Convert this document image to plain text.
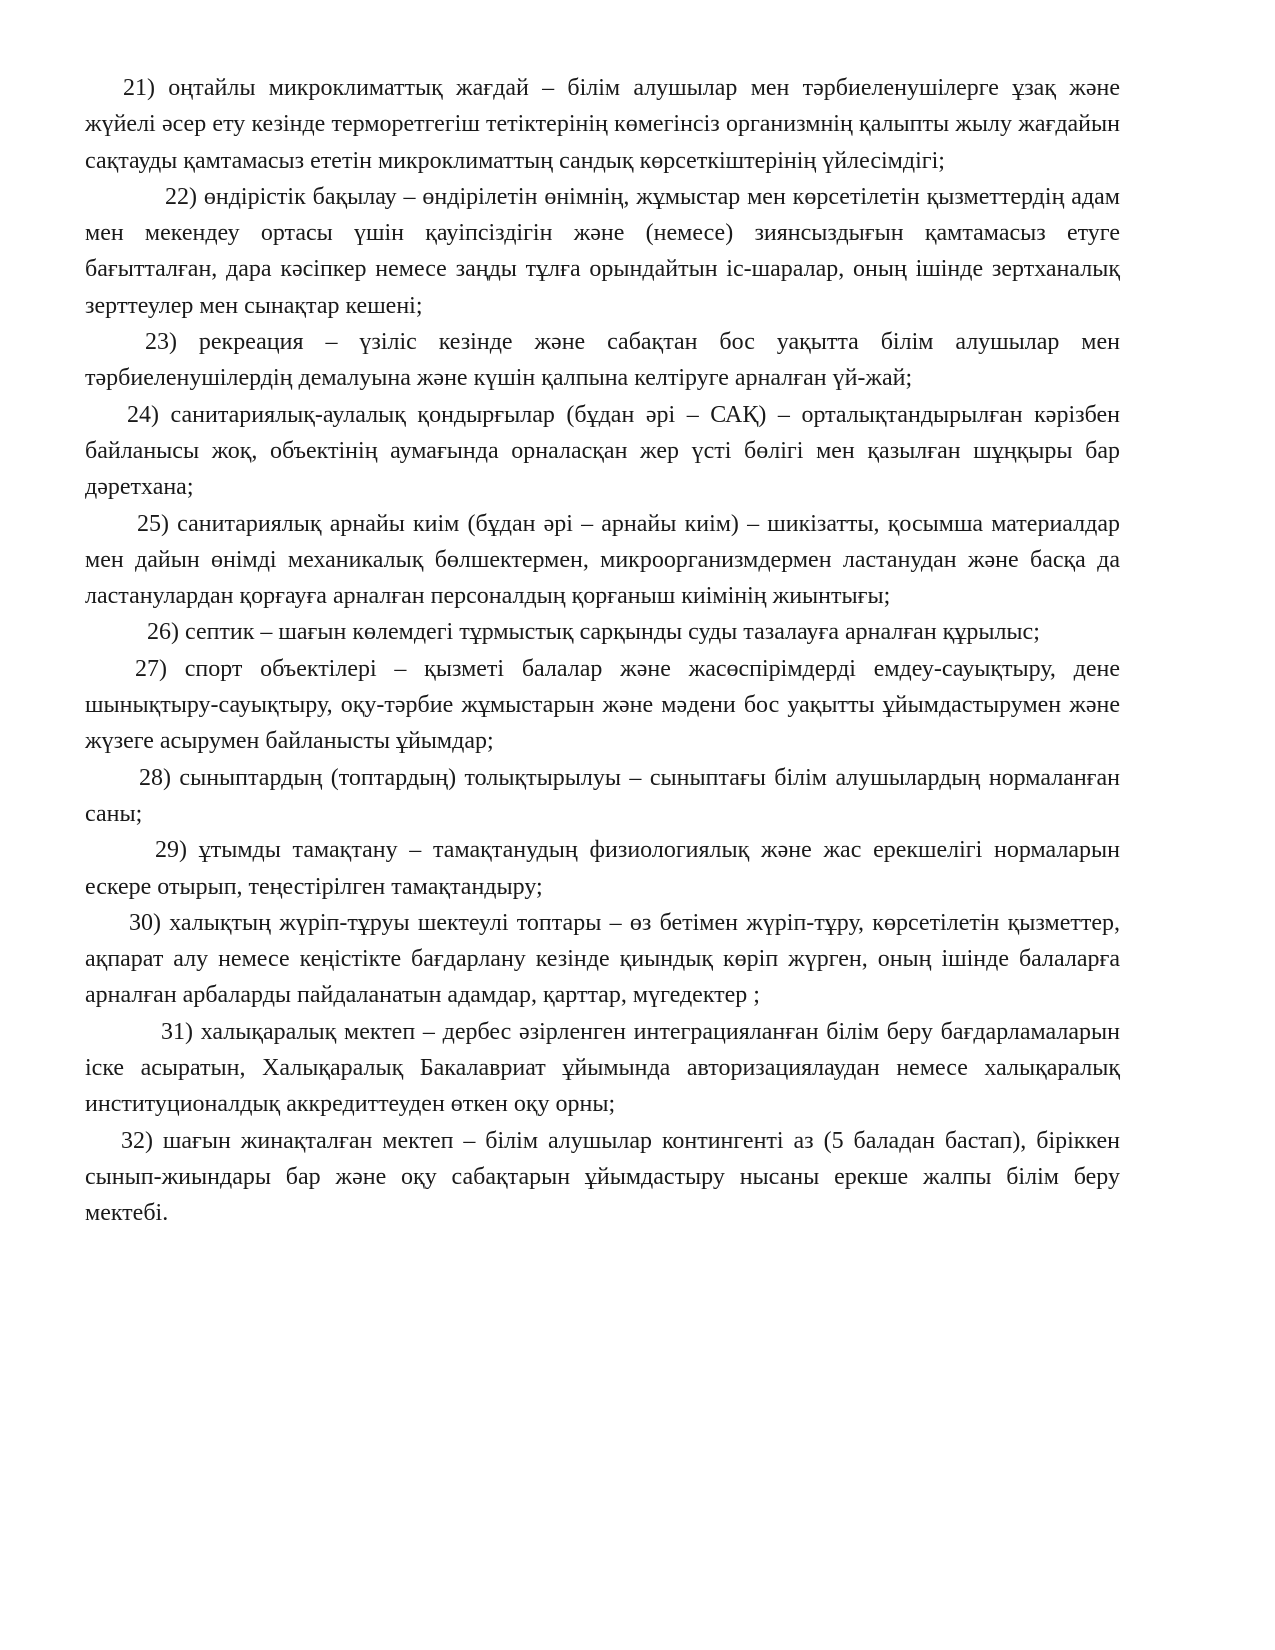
21) оңтайлы микроклиматтық жағдай – білім алушылар мен тәрбиеленушілерге ұзақ және жүйелі әсер ету кезінде терморетгегіш тетіктерінің көмегінсіз организмнің қалыпты жылу жағдайын сақтауды қамтамасыз ететін микроклиматтың сандық көрсеткіштерінің үйлесімдігі;

22) өндірістік бақылау – өндірілетін өнімнің, жұмыстар мен көрсетілетін қызметтердің адам мен мекендеу ортасы үшін қауіпсіздігін және (немесе) зиянсыздығын қамтамасыз етуге бағытталған, дара кәсіпкер немесе заңды тұлға орындайтын іс-шаралар, оның ішінде зертханалық зерттеулер мен сынақтар кешені;

23) рекреация – үзіліс кезінде және сабақтан бос уақытта білім алушылар мен тәрбиеленушілердің демалуына және күшін қалпына келтіруге арналған үй-жай;

24) санитариялық-аулалық қондырғылар (бұдан әрі – САҚ) – орталықтандырылған кәрізбен байланысы жоқ, объектінің аумағында орналасқан жер үсті бөлігі мен қазылған шұңқыры бар дәретхана;

25) санитариялық арнайы киім (бұдан әрі – арнайы киім) – шикізатты, қосымша материалдар мен дайын өнімді механикалық бөлшектермен, микроорганизмдермен ластанудан және басқа да ластанулардан қорғауға арналған персоналдың қорғаныш киімінің жиынтығы;

26) септик – шағын көлемдегі тұрмыстық сарқынды суды тазалауға арналған құрылыс;

27) спорт объектілері – қызметі балалар және жасөспірімдерді емдеу-сауықтыру, дене шынықтыру-сауықтыру, оқу-тәрбие жұмыстарын және мәдени бос уақытты ұйымдастырумен және жүзеге асырумен байланысты ұйымдар;

28) сыныптардың (топтардың) толықтырылуы – сыныптағы білім алушылардың нормаланған саны;

29) ұтымды тамақтану – тамақтанудың физиологиялық және жас ерекшелігі нормаларын ескере отырып, теңестірілген тамақтандыру;

30) халықтың жүріп-тұруы шектеулі топтары – өз бетімен жүріп-тұру, көрсетілетін қызметтер, ақпарат алу немесе кеңістікте бағдарлану кезінде қиындық көріп жүрген, оның ішінде балаларға арналған арбаларды пайдаланатын адамдар, қарттар, мүгедектер ;

31) халықаралық мектеп – дербес әзірленген интеграцияланған білім беру бағдарламаларын іске асыратын, Халықаралық Бакалавриат ұйымында авторизациялаудан немесе халықаралық институционалдық аккредиттеуден өткен оқу орны;

32) шағын жинақталған мектеп – білім алушылар контингенті аз (5 баладан бастап), біріккен сынып-жиындары бар және оқу сабақтарын ұйымдастыру нысаны ерекше жалпы білім беру мектебі.
